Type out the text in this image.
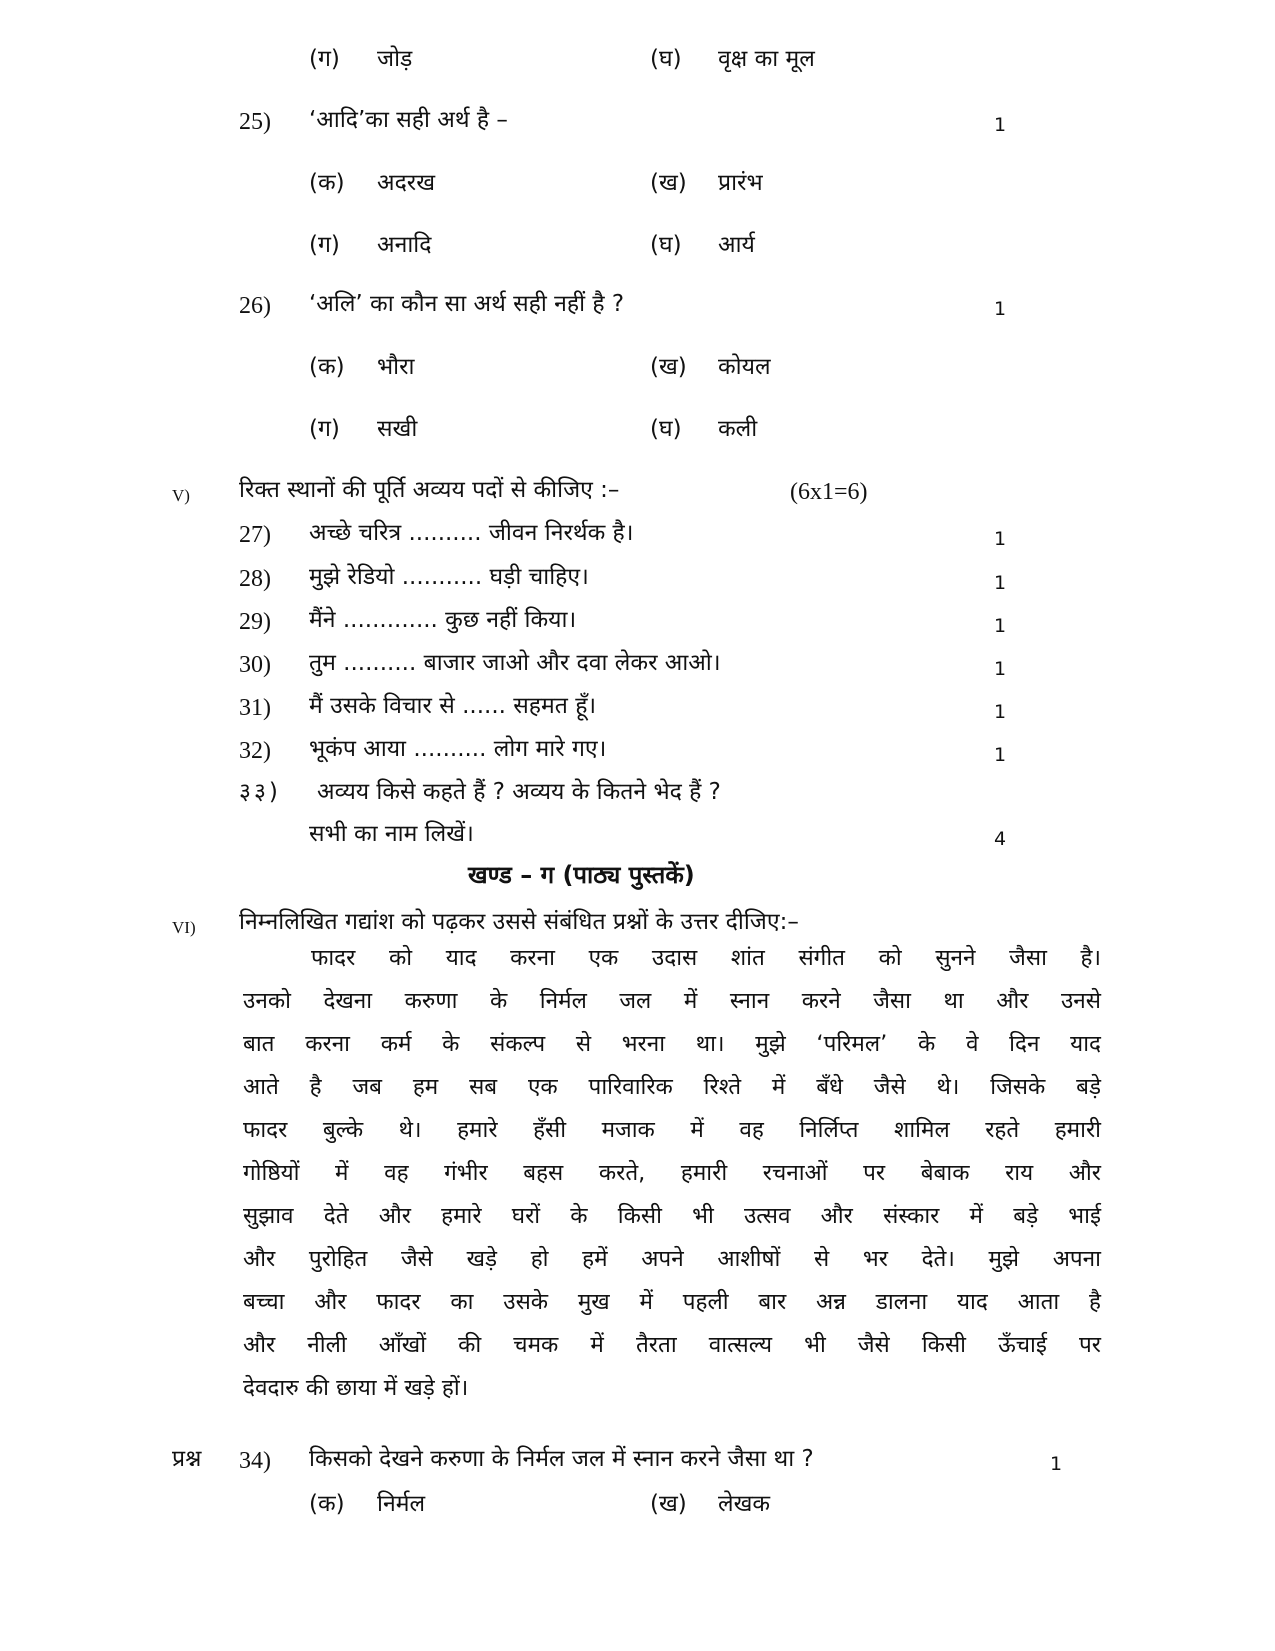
(ग) जोड़	(घ) वृक्ष का मूल
25) ‘आदि’का सही अर्थ है –	1
(क) अदरख	(ख) प्रारंभ
(ग) अनादि	(घ) आर्य
26) ‘अलि’ का कौन सा अर्थ सही नहीं है ?	1
(क) भौरा	(ख) कोयल
(ग) सखी	(घ) कली
V) रिक्त स्थानों की पूर्ति अव्यय पदों से कीजिए :–	(6x1=6)
27) अच्छे चरित्र .......... जीवन निरर्थक है।	1
28) मुझे रेडियो ........... घड़ी चाहिए।	1
29) मैंने ............. कुछ नहीं किया।	1
30) तुम .......... बाजार जाओ और दवा लेकर आओ।	1
31) मैं उसके विचार से ...... सहमत हूँ।	1
32) भूकंप आया .......... लोग मारे गए।	1
३३) अव्यय किसे कहते हैं ? अव्यय के कितने भेद हैं ?
सभी का नाम लिखें।	4
खण्ड – ग (पाठ्य पुस्तकें)
VI) निम्नलिखित गद्यांश को पढ़कर उससे संबंधित प्रश्नों के उत्तर दीजिए:–
फादर को याद करना एक उदास शांत संगीत को सुनने जैसा है।
उनको देखना करुणा के निर्मल जल में स्नान करने जैसा था और उनसे
बात करना कर्म के संकल्प से भरना था। मुझे ‘परिमल’ के वे दिन याद
आते है जब हम सब एक पारिवारिक रिश्ते में बँधे जैसे थे। जिसके बड़े
फादर बुल्के थे। हमारे हँसी मजाक में वह निर्लिप्त शामिल रहते हमारी
गोष्ठियों में वह गंभीर बहस करते, हमारी रचनाओं पर बेबाक राय और
सुझाव देते और हमारे घरों के किसी भी उत्सव और संस्कार में बड़े भाई
और पुरोहित जैसे खड़े हो हमें अपने आशीषों से भर देते। मुझे अपना
बच्चा और फादर का उसके मुख में पहली बार अन्न डालना याद आता है
और नीली आँखों की चमक में तैरता वात्सल्य भी जैसे किसी ऊँचाई पर
देवदारु की छाया में खड़े हों।
प्रश्न 34) किसको देखने करुणा के निर्मल जल में स्नान करने जैसा था ?	1
(क) निर्मल	(ख) लेखक
